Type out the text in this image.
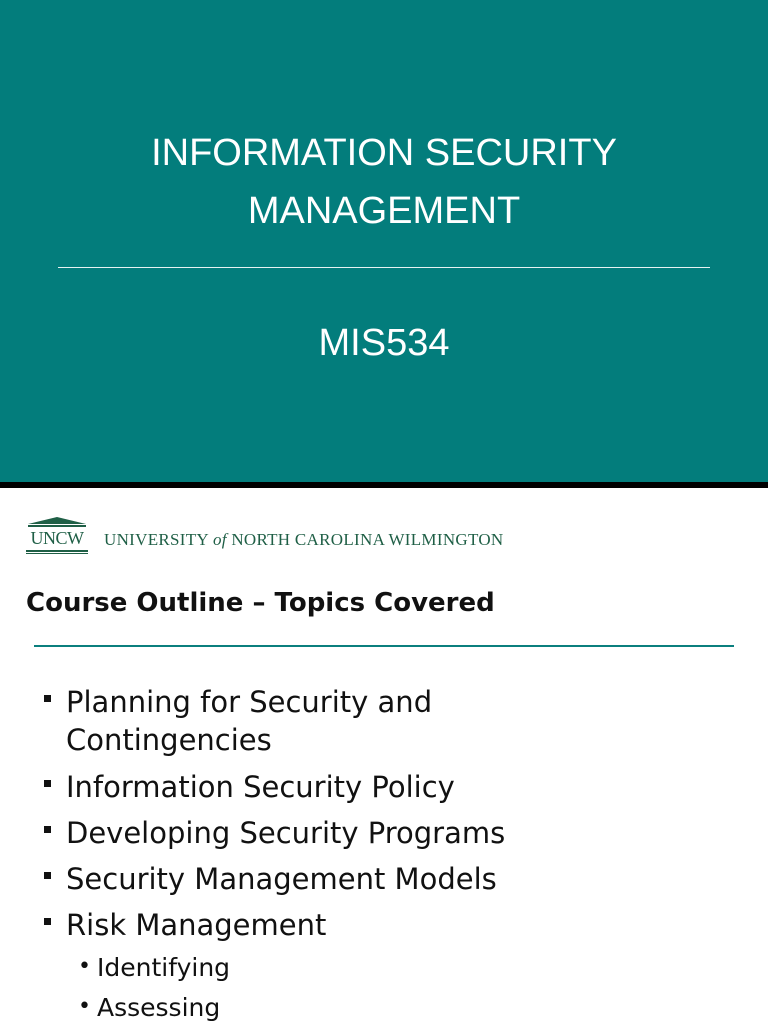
INFORMATION SECURITY
MANAGEMENT
MIS534
UNCW UNIVERSITY of NORTH CAROLINA WILMINGTON
Course Outline – Topics Covered
Planning for Security and
Contingencies
Information Security Policy
Developing Security Programs
Security Management Models
Risk Management
• Identifying
• Assessing
